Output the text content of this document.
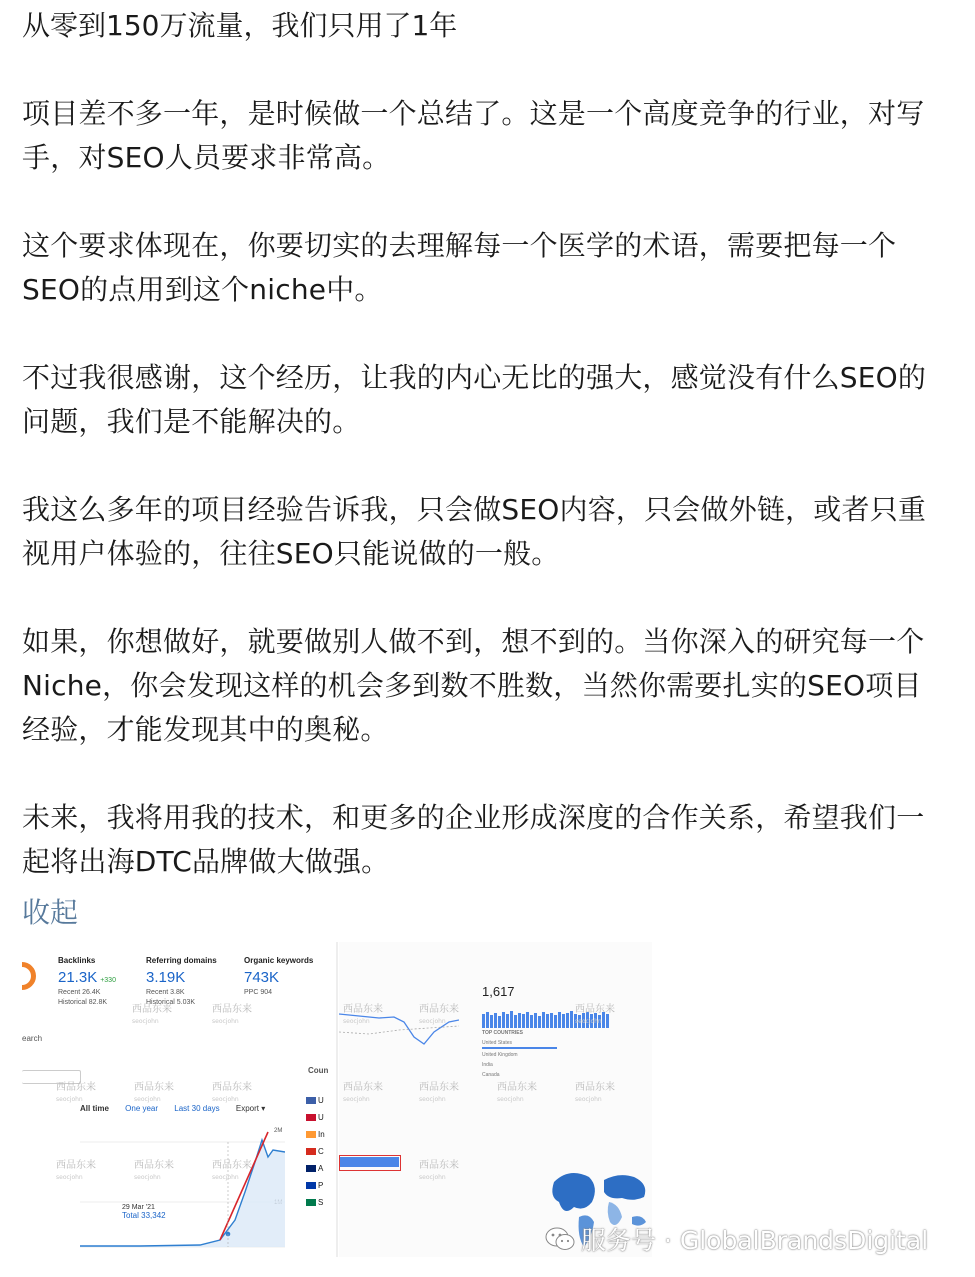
从零到150万流量，我们只用了1年

项目差不多一年，是时候做一个总结了。这是一个高度竞争的行业，对写
手，对SEO人员要求非常高。

这个要求体现在，你要切实的去理解每一个医学的术语，需要把每一个
SEO的点用到这个niche中。

不过我很感谢，这个经历，让我的内心无比的强大，感觉没有什么SEO的
问题，我们是不能解决的。

我这么多年的项目经验告诉我，只会做SEO内容，只会做外链，或者只重
视用户体验的，往往SEO只能说做的一般。

如果，你想做好，就要做别人做不到，想不到的。当你深入的研究每一个
Niche，你会发现这样的机会多到数不胜数，当然你需要扎实的SEO项目
经验，才能发现其中的奥秘。

未来，我将用我的技术，和更多的企业形成深度的合作关系，希望我们一
起将出海DTC品牌做大做强。

收起
Backlinks
21.3K +330
Recent 26.4K
Historical 82.8K
Referring domains
3.19K
Recent 3.8K
Historical 5.03K
Organic keywords
743K
PPC 904
earch
All time One year Last 30 days Export ▾
2M
29 Mar '21
Total 33,342
Coun
U
U
In
C
A
P
S
西品东来
seocjohn
西品东来
seocjohn
西品东来
seocjohn
西品东来
seocjohn
西品东来
seocjohn
西品东来
seocjohn
西品东来
seocjohn
西品东来
seocjohn
1,617
TOP COUNTRIES
United States
United Kingdom
India
Canada
西品东来
seocjohn
西品东来
seocjohn
西品东来
seocjohn
西品东来
seocjohn
西品东来
seocjohn
西品东来
seocjohn
西品东来
seocjohn
西品东来
seocjohn
服务号 · GlobalBrandsDigital
